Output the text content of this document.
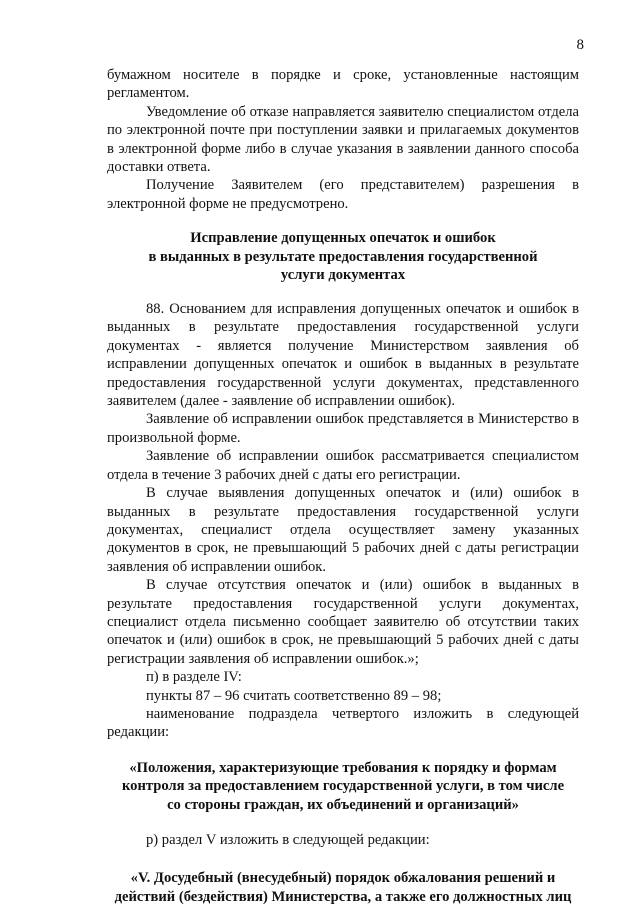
8

бумажном носителе в порядке и сроке, установленные настоящим регламентом.

Уведомление об отказе направляется заявителю специалистом отдела по электронной почте при поступлении заявки и прилагаемых документов в электронной форме либо в случае указания в заявлении данного способа доставки ответа.

Получение Заявителем (его представителем) разрешения в электронной форме не предусмотрено.

Исправление допущенных опечаток и ошибок
в выданных в результате предоставления государственной
услуги документах

88. Основанием для исправления допущенных опечаток и ошибок в выданных в результате предоставления государственной услуги документах - является получение Министерством заявления об исправлении допущенных опечаток и ошибок в выданных в результате предоставления государственной услуги документах, представленного заявителем (далее - заявление об исправлении ошибок).

Заявление об исправлении ошибок представляется в Министерство в произвольной форме.

Заявление об исправлении ошибок рассматривается специалистом отдела в течение 3 рабочих дней с даты его регистрации.

В случае выявления допущенных опечаток и (или) ошибок в выданных в результате предоставления государственной услуги документах, специалист отдела осуществляет замену указанных документов в срок, не превышающий 5 рабочих дней с даты регистрации заявления об исправлении ошибок.

В случае отсутствия опечаток и (или) ошибок в выданных в результате предоставления государственной услуги документах, специалист отдела письменно сообщает заявителю об отсутствии таких опечаток и (или) ошибок в срок, не превышающий 5 рабочих дней с даты регистрации заявления об исправлении ошибок.»;

п) в разделе IV:

пункты 87 – 96 считать соответственно 89 – 98;

наименование подраздела четвертого изложить в следующей редакции:

«Положения, характеризующие требования к порядку и формам
контроля за предоставлением государственной услуги, в том числе
со стороны граждан, их объединений и организаций»

р) раздел V изложить в следующей редакции:

«V. Досудебный (внесудебный) порядок обжалования решений и
действий (бездействия) Министерства, а также его должностных лиц
